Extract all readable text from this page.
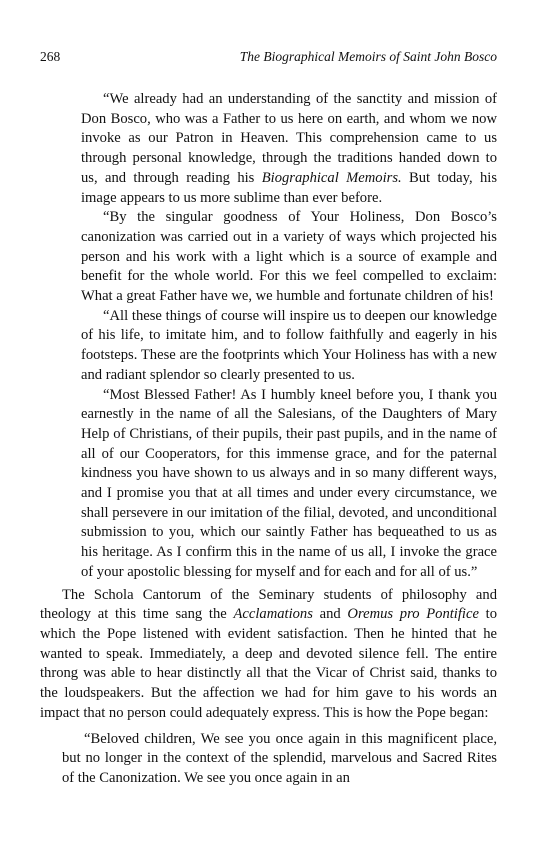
268	The Biographical Memoirs of Saint John Bosco

“We already had an understanding of the sanctity and mission of Don Bosco, who was a Father to us here on earth, and whom we now invoke as our Patron in Heaven. This comprehension came to us through personal knowledge, through the traditions handed down to us, and through reading his Biographical Memoirs. But today, his image appears to us more sublime than ever before.

“By the singular goodness of Your Holiness, Don Bosco’s canonization was carried out in a variety of ways which projected his person and his work with a light which is a source of example and benefit for the whole world. For this we feel compelled to exclaim: What a great Father have we, we humble and fortunate children of his!

“All these things of course will inspire us to deepen our knowledge of his life, to imitate him, and to follow faithfully and eagerly in his footsteps. These are the footprints which Your Holiness has with a new and radiant splendor so clearly presented to us.

“Most Blessed Father! As I humbly kneel before you, I thank you earnestly in the name of all the Salesians, of the Daughters of Mary Help of Christians, of their pupils, their past pupils, and in the name of all of our Cooperators, for this immense grace, and for the paternal kindness you have shown to us always and in so many different ways, and I promise you that at all times and under every circumstance, we shall persevere in our imitation of the filial, devoted, and unconditional submission to you, which our saintly Father has bequeathed to us as his heritage. As I confirm this in the name of us all, I invoke the grace of your apostolic blessing for myself and for each and for all of us.”

The Schola Cantorum of the Seminary students of philosophy and theology at this time sang the Acclamations and Oremus pro Pontifice to which the Pope listened with evident satisfaction. Then he hinted that he wanted to speak. Immediately, a deep and devoted silence fell. The entire throng was able to hear distinctly all that the Vicar of Christ said, thanks to the loudspeakers. But the affection we had for him gave to his words an impact that no person could adequately express. This is how the Pope began:

“Beloved children, We see you once again in this magnificent place, but no longer in the context of the splendid, marvelous and Sacred Rites of the Canonization. We see you once again in an
